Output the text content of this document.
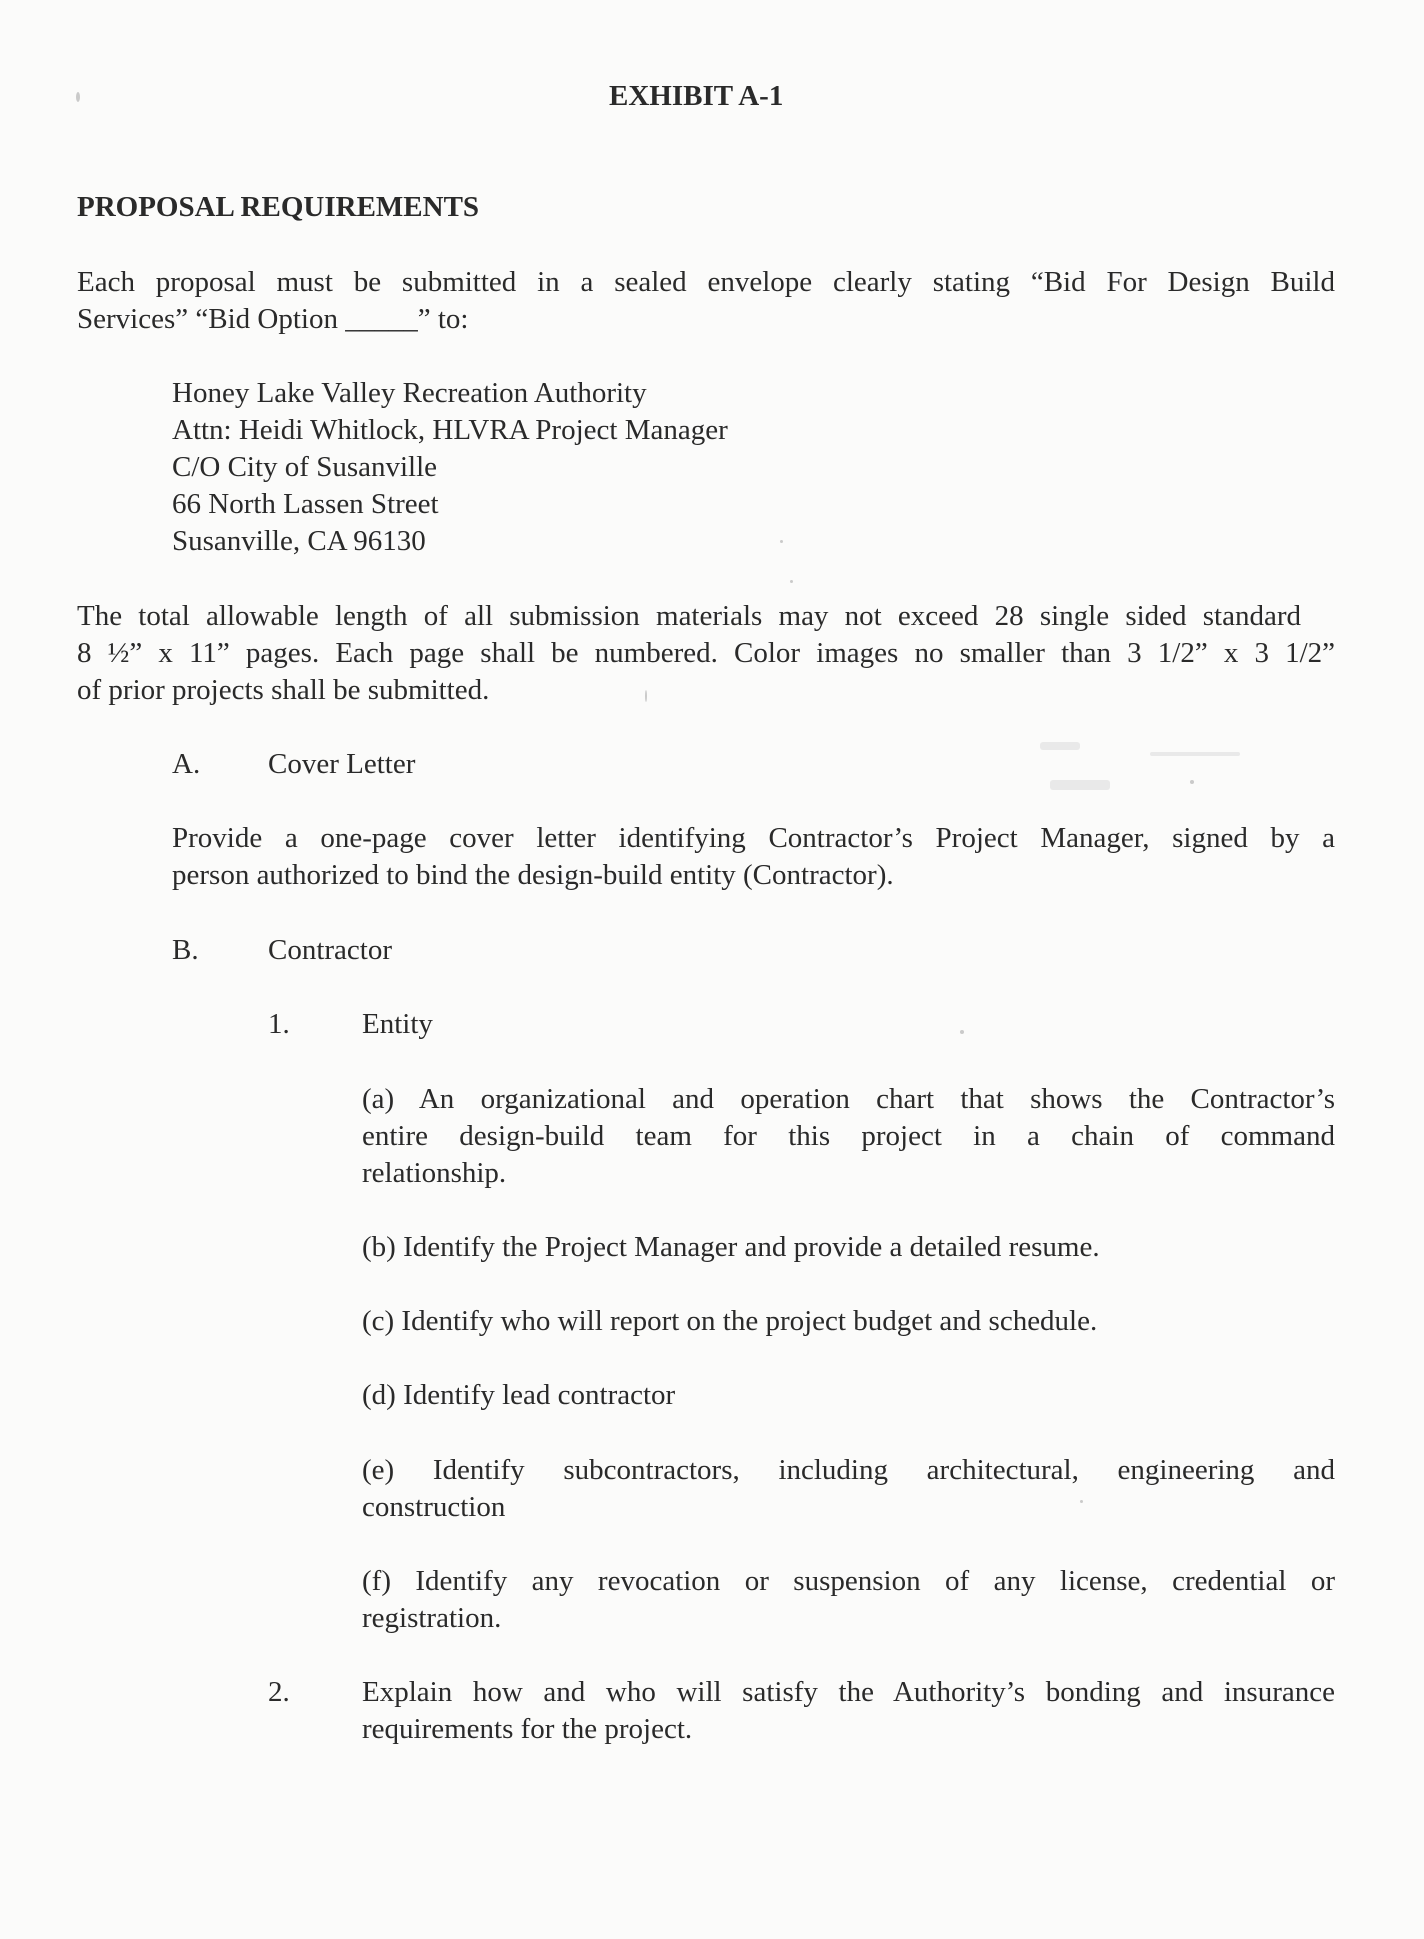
EXHIBIT A-1
PROPOSAL REQUIREMENTS
Each proposal must be submitted in a sealed envelope clearly stating “Bid For Design Build
Services” “Bid Option _____” to:
Honey Lake Valley Recreation Authority
Attn: Heidi Whitlock, HLVRA Project Manager
C/O City of Susanville
66 North Lassen Street
Susanville, CA 96130
The total allowable length of all submission materials may not exceed 28 single sided standard
8 ½” x 11” pages. Each page shall be numbered. Color images no smaller than 3 1/2” x 3 1/2”
of prior projects shall be submitted.
A. Cover Letter
Provide a one-page cover letter identifying Contractor’s Project Manager, signed by a
person authorized to bind the design-build entity (Contractor).
B. Contractor
1. Entity
(a) An organizational and operation chart that shows the Contractor’s
entire design-build team for this project in a chain of command
relationship.
(b) Identify the Project Manager and provide a detailed resume.
(c) Identify who will report on the project budget and schedule.
(d) Identify lead contractor
(e) Identify subcontractors, including architectural, engineering and
construction
(f) Identify any revocation or suspension of any license, credential or
registration.
2. Explain how and who will satisfy the Authority’s bonding and insurance
requirements for the project.
